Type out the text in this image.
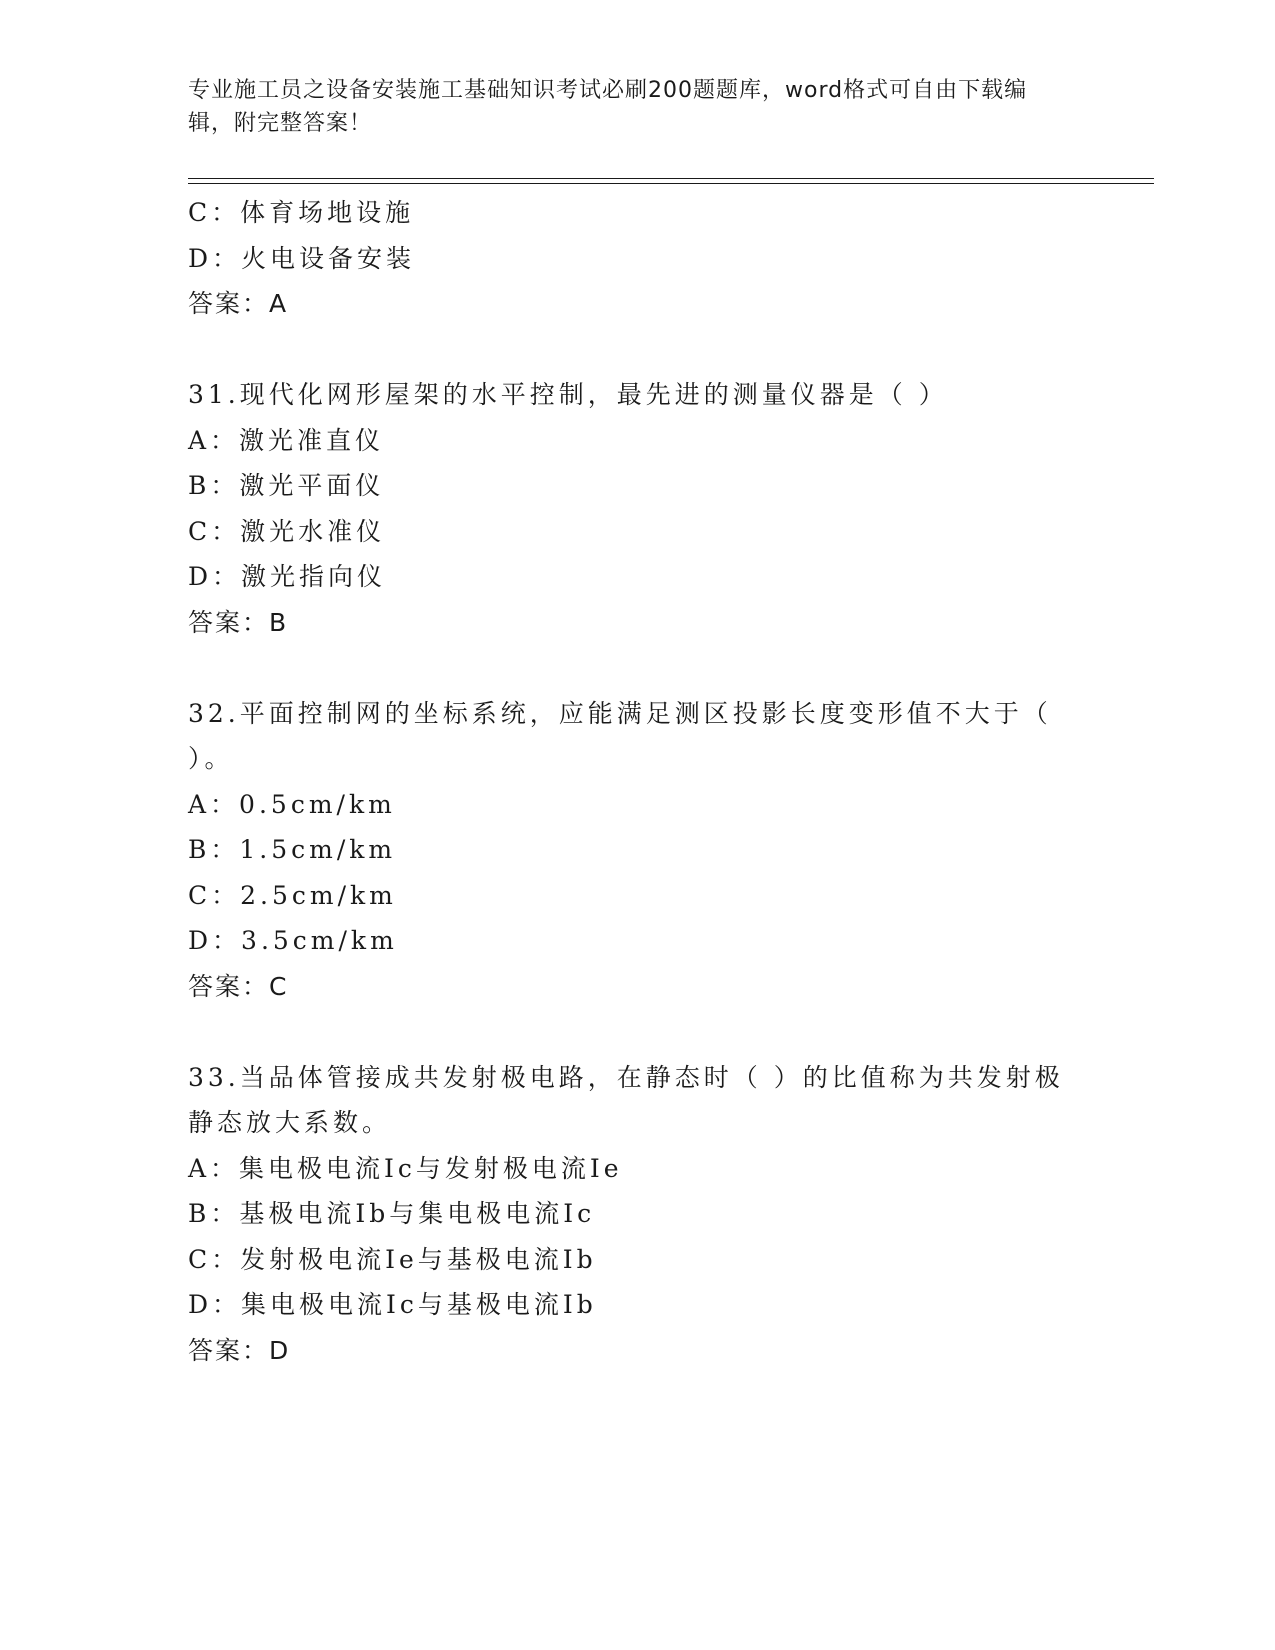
专业施工员之设备安装施工基础知识考试必刷200题题库，word格式可自由下载编辑，附完整答案！
C：体育场地设施
D：火电设备安装
答案：A
31.现代化网形屋架的水平控制，最先进的测量仪器是（ ）
A：激光准直仪
B：激光平面仪
C：激光水准仪
D：激光指向仪
答案：B
32.平面控制网的坐标系统，应能满足测区投影长度变形值不大于（ ）。
A：0.5cm/km
B：1.5cm/km
C：2.5cm/km
D：3.5cm/km
答案：C
33.当品体管接成共发射极电路，在静态时（ ）的比值称为共发射极静态放大系数。
A：集电极电流Ic与发射极电流Ie
B：基极电流Ib与集电极电流Ic
C：发射极电流Ie与基极电流Ib
D：集电极电流Ic与基极电流Ib
答案：D
